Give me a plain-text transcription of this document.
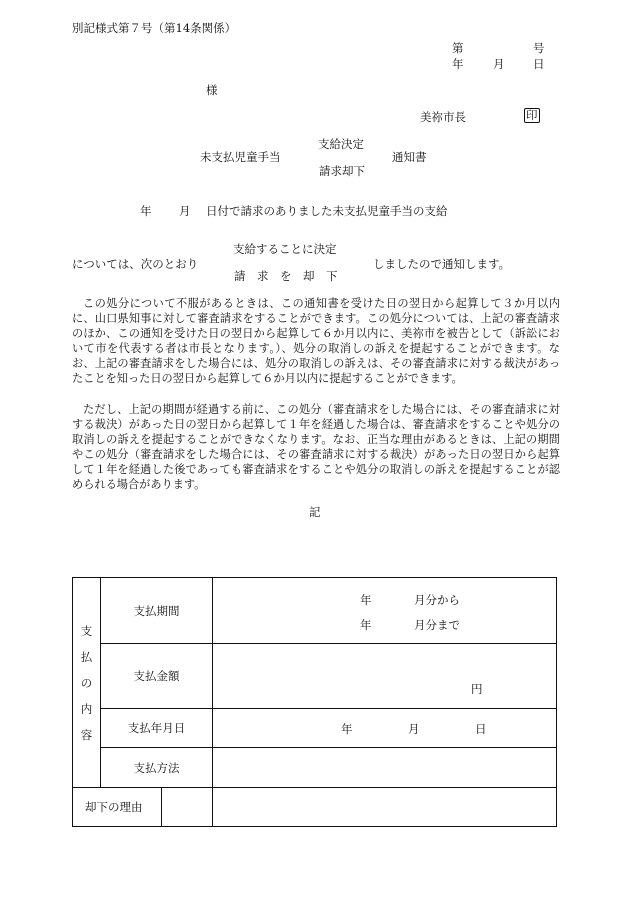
別記様式第７号（第14条関係）
第	号
年	月 日
様
美祢市長	印
支給決定
未支払児童手当	通知書
請求却下
年 月 日付で請求のありました未支払児童手当の支給
支給することに決定
については、次のとおり	しましたので通知します。
請　求　を　却　下
この処分について不服があるときは、この通知書を受けた日の翌日から起算して３か月以内に、山口県知事に対して審査請求をすることができます。この処分については、上記の審査請求のほか、この通知を受けた日の翌日から起算して６か月以内に、美祢市を被告として（訴訟において市を代表する者は市長となります。）、処分の取消しの訴えを提起することができます。なお、上記の審査請求をした場合には、処分の取消しの訴えは、その審査請求に対する裁決があったことを知った日の翌日から起算して６か月以内に提起することができます。
ただし、上記の期間が経過する前に、この処分（審査請求をした場合には、その審査請求に対する裁決）があった日の翌日から起算して１年を経過した場合は、審査請求をすることや処分の取消しの訴えを提起することができなくなります。なお、正当な理由があるときは、上記の期間やこの処分（審査請求をした場合には、その審査請求に対する裁決）があった日の翌日から起算して１年を経過した後であっても審査請求をすることや処分の取消しの訴えを提起することが認められる場合があります。
記
支
払
の
内
容	支払期間	年 月分から
年 月分まで

	支払金額	円

	支払年月日	年 月 日

	支払方法	
却下の理由		
